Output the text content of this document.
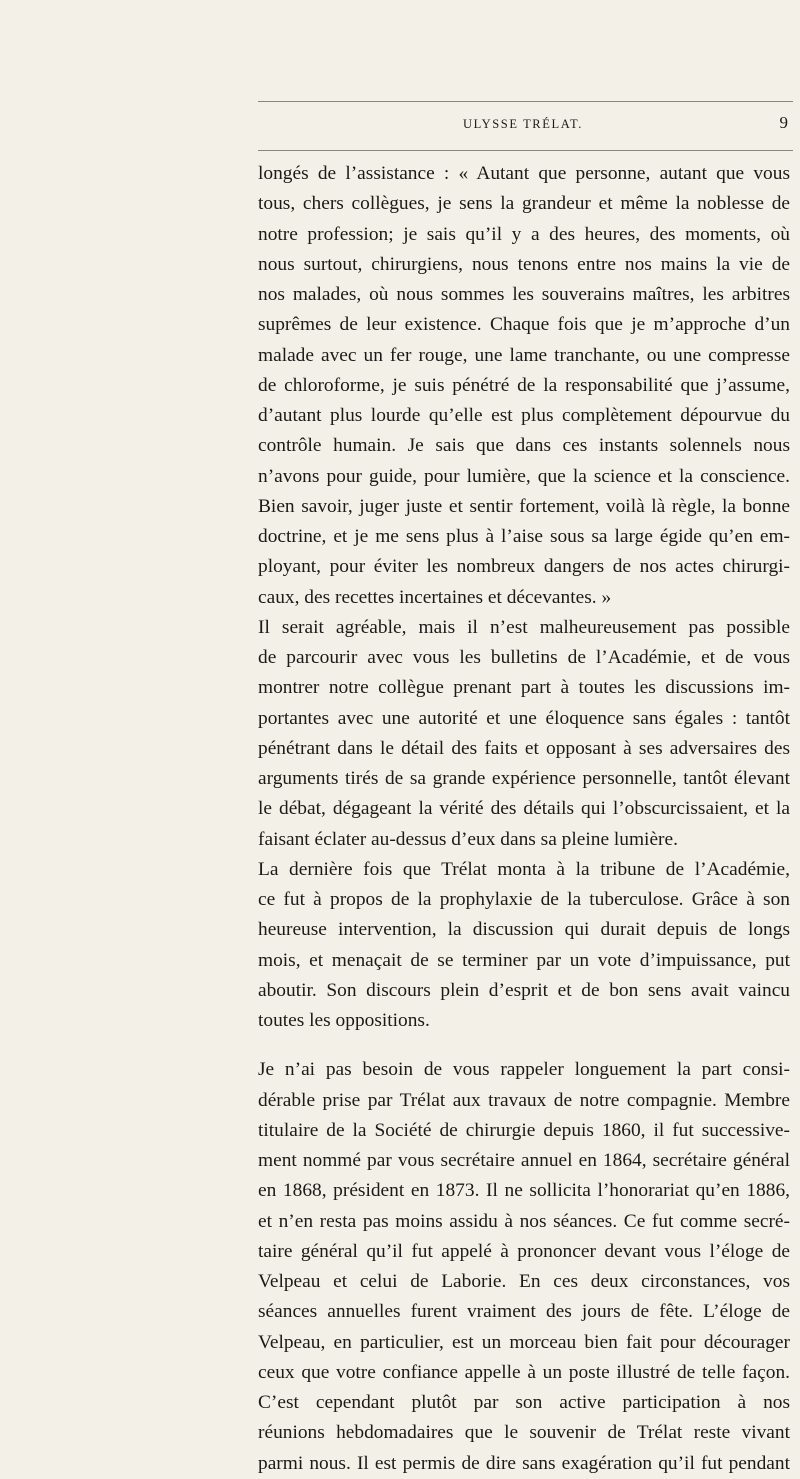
ULYSSE TRÉLAT.	9
longés de l’assistance : « Autant que personne, autant que vous
tous, chers collègues, je sens la grandeur et même la noblesse de
notre profession; je sais qu’il y a des heures, des moments, où
nous surtout, chirurgiens, nous tenons entre nos mains la vie de
nos malades, où nous sommes les souverains maîtres, les arbitres
suprêmes de leur existence. Chaque fois que je m’approche d’un
malade avec un fer rouge, une lame tranchante, ou une compresse
de chloroforme, je suis pénétré de la responsabilité que j’assume,
d’autant plus lourde qu’elle est plus complètement dépourvue du
contrôle humain. Je sais que dans ces instants solennels nous
n’avons pour guide, pour lumière, que la science et la conscience.
Bien savoir, juger juste et sentir fortement, voilà là règle, la bonne
doctrine, et je me sens plus à l’aise sous sa large égide qu’en em-
ployant, pour éviter les nombreux dangers de nos actes chirurgi-
caux, des recettes incertaines et décevantes. »
Il serait agréable, mais il n’est malheureusement pas possible
de parcourir avec vous les bulletins de l’Académie, et de vous
montrer notre collègue prenant part à toutes les discussions im-
portantes avec une autorité et une éloquence sans égales : tantôt
pénétrant dans le détail des faits et opposant à ses adversaires des
arguments tirés de sa grande expérience personnelle, tantôt élevant
le débat, dégageant la vérité des détails qui l’obscurcissaient, et la
faisant éclater au-dessus d’eux dans sa pleine lumière.
La dernière fois que Trélat monta à la tribune de l’Académie,
ce fut à propos de la prophylaxie de la tuberculose. Grâce à son
heureuse intervention, la discussion qui durait depuis de longs
mois, et menaçait de se terminer par un vote d’impuissance, put
aboutir. Son discours plein d’esprit et de bon sens avait vaincu
toutes les oppositions.
Je n’ai pas besoin de vous rappeler longuement la part consi-
dérable prise par Trélat aux travaux de notre compagnie. Membre
titulaire de la Société de chirurgie depuis 1860, il fut successive-
ment nommé par vous secrétaire annuel en 1864, secrétaire général
en 1868, président en 1873. Il ne sollicita l’honorariat qu’en 1886,
et n’en resta pas moins assidu à nos séances. Ce fut comme secré-
taire général qu’il fut appelé à prononcer devant vous l’éloge de
Velpeau et celui de Laborie. En ces deux circonstances, vos
séances annuelles furent vraiment des jours de fête. L’éloge de
Velpeau, en particulier, est un morceau bien fait pour décourager
ceux que votre confiance appelle à un poste illustré de telle façon.
C’est cependant plutôt par son active participation à nos
réunions hebdomadaires que le souvenir de Trélat reste vivant
parmi nous. Il est permis de dire sans exagération qu’il fut pendant
